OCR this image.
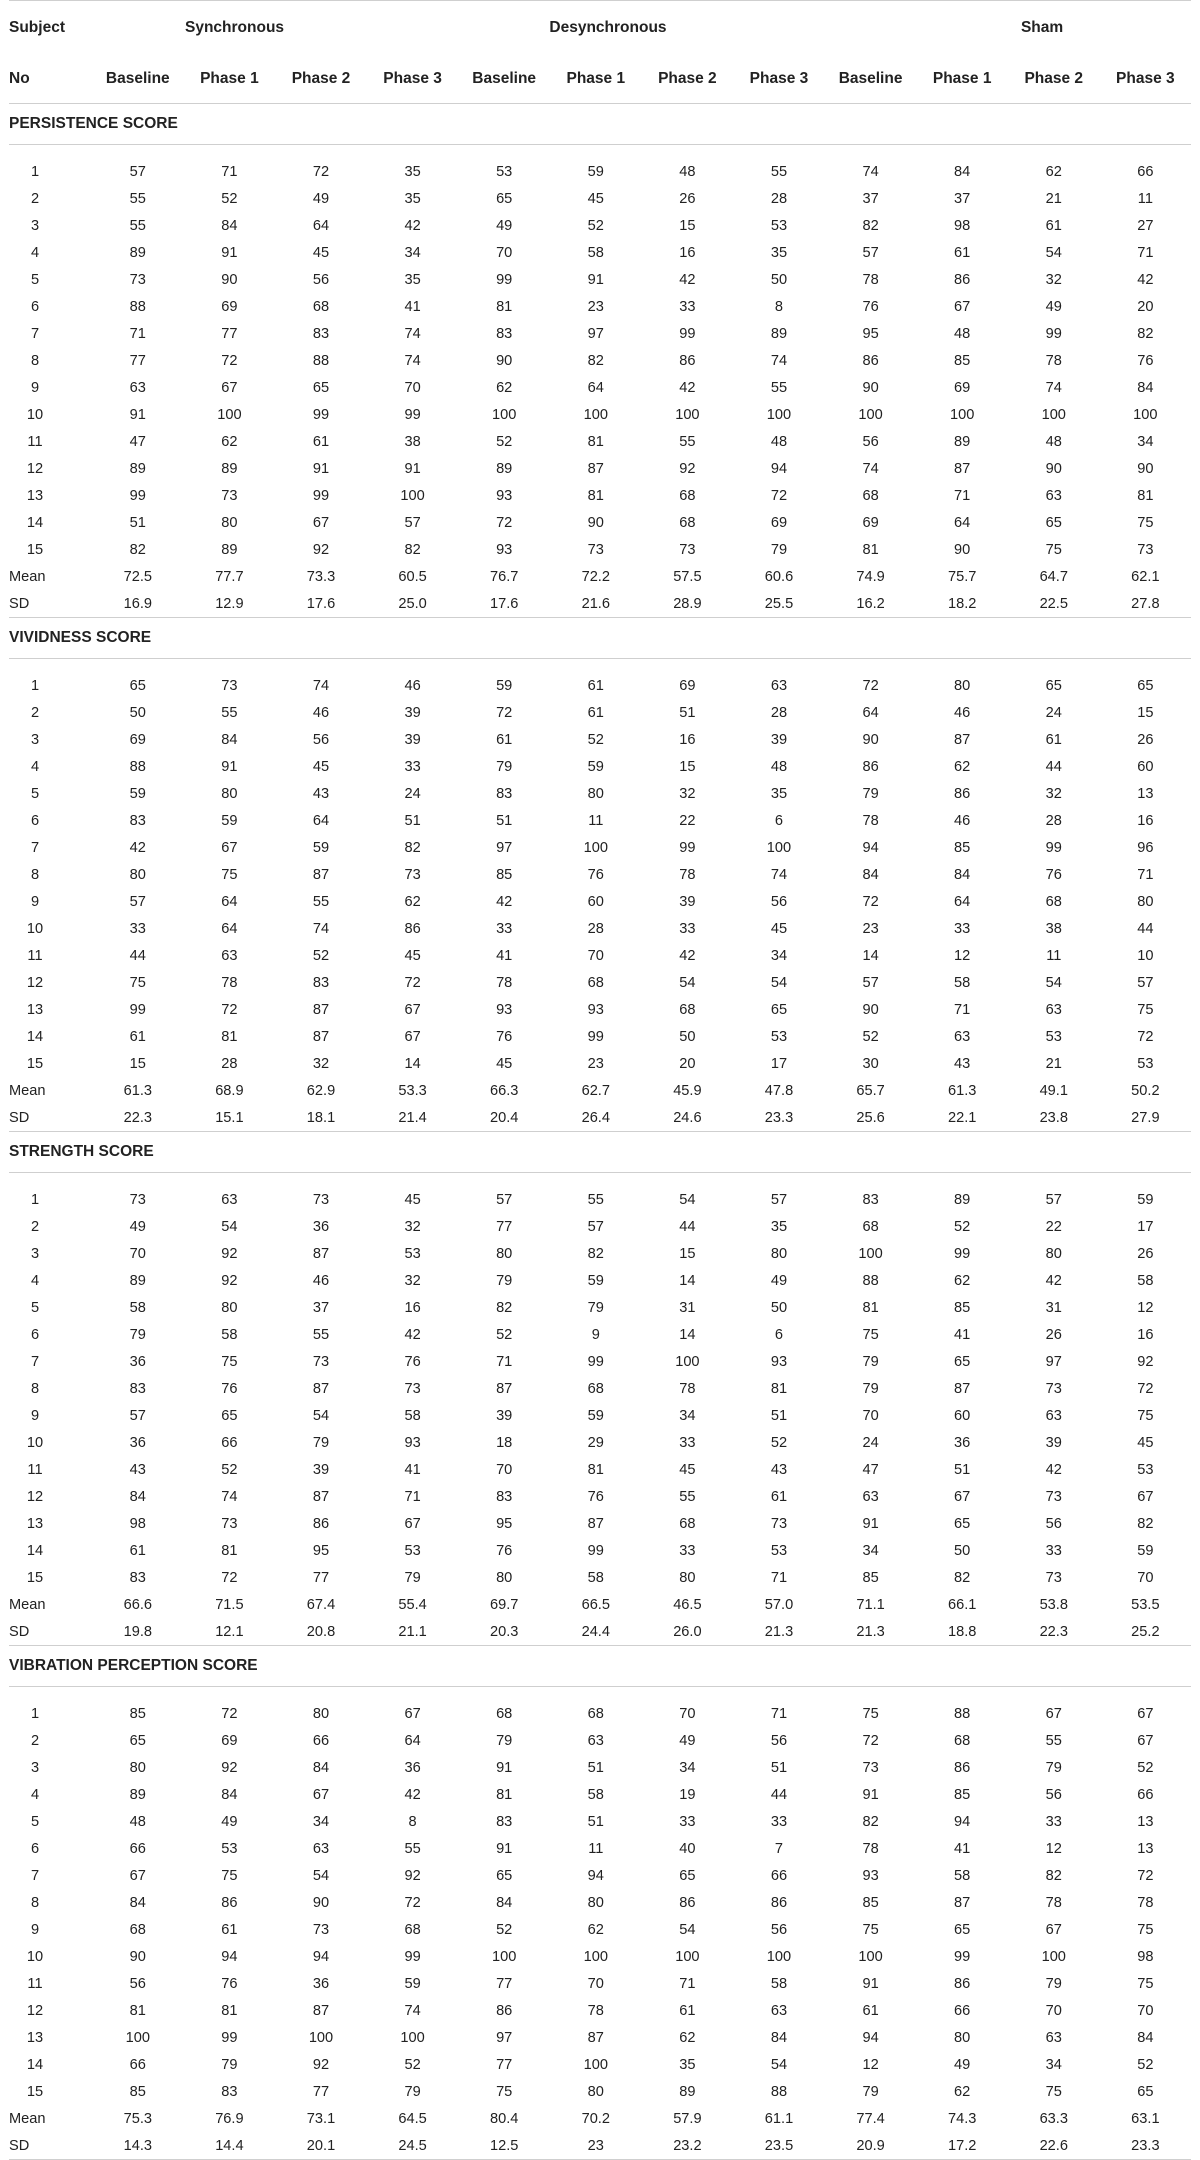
Subject	Synchronous				Desynchronous						Sham	
No	Baseline	Phase 1	Phase 2	Phase 3	Baseline	Phase 1	Phase 2	Phase 3	Baseline	Phase 1	Phase 2	Phase 3
PERSISTENCE SCORE												

1	57	71	72	35	53	59	48	55	74	84	62	66
2	55	52	49	35	65	45	26	28	37	37	21	11
3	55	84	64	42	49	52	15	53	82	98	61	27
4	89	91	45	34	70	58	16	35	57	61	54	71
5	73	90	56	35	99	91	42	50	78	86	32	42
6	88	69	68	41	81	23	33	8	76	67	49	20
7	71	77	83	74	83	97	99	89	95	48	99	82
8	77	72	88	74	90	82	86	74	86	85	78	76
9	63	67	65	70	62	64	42	55	90	69	74	84
10	91	100	99	99	100	100	100	100	100	100	100	100
11	47	62	61	38	52	81	55	48	56	89	48	34
12	89	89	91	91	89	87	92	94	74	87	90	90
13	99	73	99	100	93	81	68	72	68	71	63	81
14	51	80	67	57	72	90	68	69	69	64	65	75
15	82	89	92	82	93	73	73	79	81	90	75	73
Mean	72.5	77.7	73.3	60.5	76.7	72.2	57.5	60.6	74.9	75.7	64.7	62.1
SD	16.9	12.9	17.6	25.0	17.6	21.6	28.9	25.5	16.2	18.2	22.5	27.8
VIVIDNESS SCORE												

1	65	73	74	46	59	61	69	63	72	80	65	65
2	50	55	46	39	72	61	51	28	64	46	24	15
3	69	84	56	39	61	52	16	39	90	87	61	26
4	88	91	45	33	79	59	15	48	86	62	44	60
5	59	80	43	24	83	80	32	35	79	86	32	13
6	83	59	64	51	51	11	22	6	78	46	28	16
7	42	67	59	82	97	100	99	100	94	85	99	96
8	80	75	87	73	85	76	78	74	84	84	76	71
9	57	64	55	62	42	60	39	56	72	64	68	80
10	33	64	74	86	33	28	33	45	23	33	38	44
11	44	63	52	45	41	70	42	34	14	12	11	10
12	75	78	83	72	78	68	54	54	57	58	54	57
13	99	72	87	67	93	93	68	65	90	71	63	75
14	61	81	87	67	76	99	50	53	52	63	53	72
15	15	28	32	14	45	23	20	17	30	43	21	53
Mean	61.3	68.9	62.9	53.3	66.3	62.7	45.9	47.8	65.7	61.3	49.1	50.2
SD	22.3	15.1	18.1	21.4	20.4	26.4	24.6	23.3	25.6	22.1	23.8	27.9
STRENGTH SCORE												

1	73	63	73	45	57	55	54	57	83	89	57	59
2	49	54	36	32	77	57	44	35	68	52	22	17
3	70	92	87	53	80	82	15	80	100	99	80	26
4	89	92	46	32	79	59	14	49	88	62	42	58
5	58	80	37	16	82	79	31	50	81	85	31	12
6	79	58	55	42	52	9	14	6	75	41	26	16
7	36	75	73	76	71	99	100	93	79	65	97	92
8	83	76	87	73	87	68	78	81	79	87	73	72
9	57	65	54	58	39	59	34	51	70	60	63	75
10	36	66	79	93	18	29	33	52	24	36	39	45
11	43	52	39	41	70	81	45	43	47	51	42	53
12	84	74	87	71	83	76	55	61	63	67	73	67
13	98	73	86	67	95	87	68	73	91	65	56	82
14	61	81	95	53	76	99	33	53	34	50	33	59
15	83	72	77	79	80	58	80	71	85	82	73	70
Mean	66.6	71.5	67.4	55.4	69.7	66.5	46.5	57.0	71.1	66.1	53.8	53.5
SD	19.8	12.1	20.8	21.1	20.3	24.4	26.0	21.3	21.3	18.8	22.3	25.2
VIBRATION PERCEPTION SCORE												

1	85	72	80	67	68	68	70	71	75	88	67	67
2	65	69	66	64	79	63	49	56	72	68	55	67
3	80	92	84	36	91	51	34	51	73	86	79	52
4	89	84	67	42	81	58	19	44	91	85	56	66
5	48	49	34	8	83	51	33	33	82	94	33	13
6	66	53	63	55	91	11	40	7	78	41	12	13
7	67	75	54	92	65	94	65	66	93	58	82	72
8	84	86	90	72	84	80	86	86	85	87	78	78
9	68	61	73	68	52	62	54	56	75	65	67	75
10	90	94	94	99	100	100	100	100	100	99	100	98
11	56	76	36	59	77	70	71	58	91	86	79	75
12	81	81	87	74	86	78	61	63	61	66	70	70
13	100	99	100	100	97	87	62	84	94	80	63	84
14	66	79	92	52	77	100	35	54	12	49	34	52
15	85	83	77	79	75	80	89	88	79	62	75	65
Mean	75.3	76.9	73.1	64.5	80.4	70.2	57.9	61.1	77.4	74.3	63.3	63.1
SD	14.3	14.4	20.1	24.5	12.5	23	23.2	23.5	20.9	17.2	22.6	23.3
